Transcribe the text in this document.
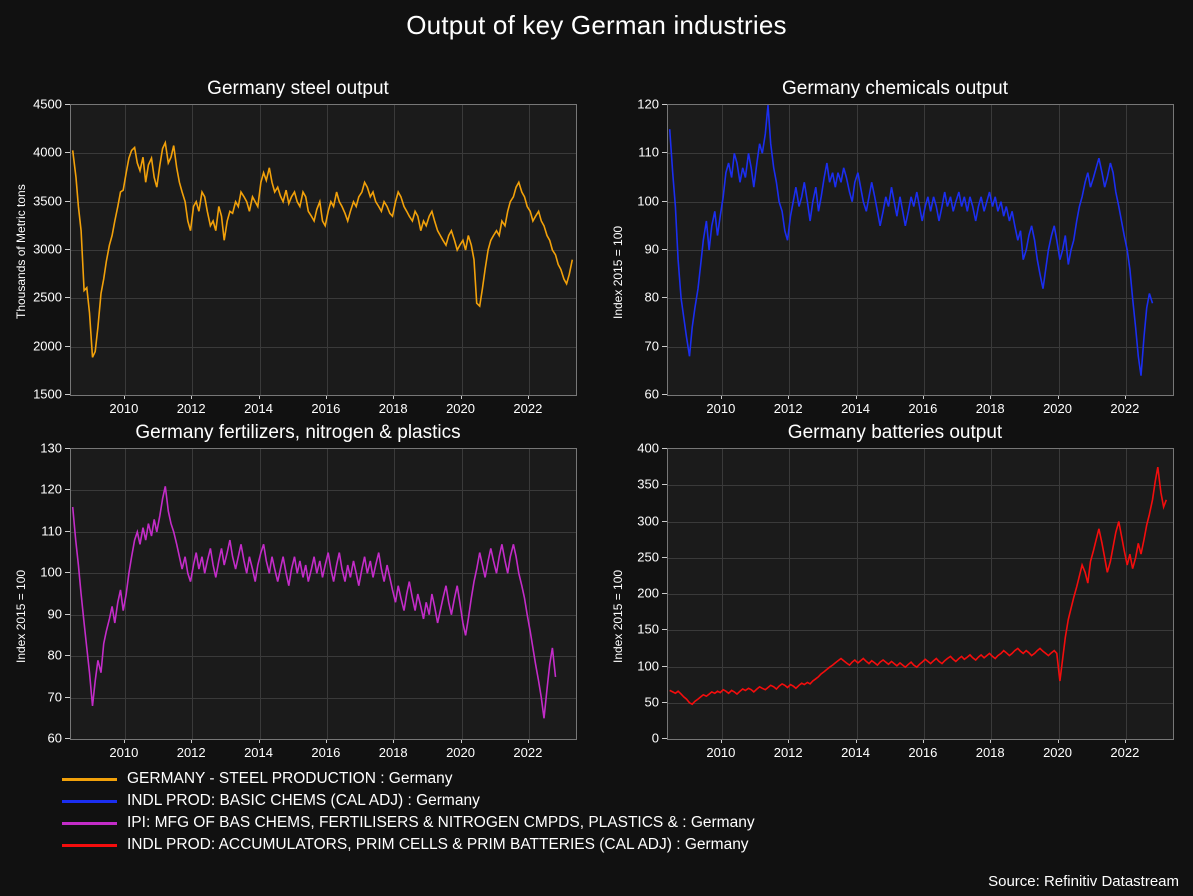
Output of key German industries
Germany steel output
1500
2000
2500
3000
3500
4000
4500
2010	2012	2014	2016	2018	2020	2022
Thousands of Metric tons
Germany chemicals output
60
70
80
90
100
110
120
2010	2012	2014	2016	2018	2020	2022
Index 2015 = 100
Germany fertilizers, nitrogen & plastics
60
70
80
90
100
110
120
130
2010	2012	2014	2016	2018	2020	2022
Index 2015 = 100
Germany batteries output
0
50
100
150
200
250
300
350
400
2010	2012	2014	2016	2018	2020	2022
Index 2015 = 100
GERMANY - STEEL PRODUCTION : Germany
INDL PROD: BASIC CHEMS (CAL ADJ) : Germany
IPI: MFG OF BAS CHEMS, FERTILISERS & NITROGEN CMPDS, PLASTICS & : Germany
INDL PROD: ACCUMULATORS, PRIM CELLS & PRIM BATTERIES (CAL ADJ) : Germany
Source: Refinitiv Datastream
